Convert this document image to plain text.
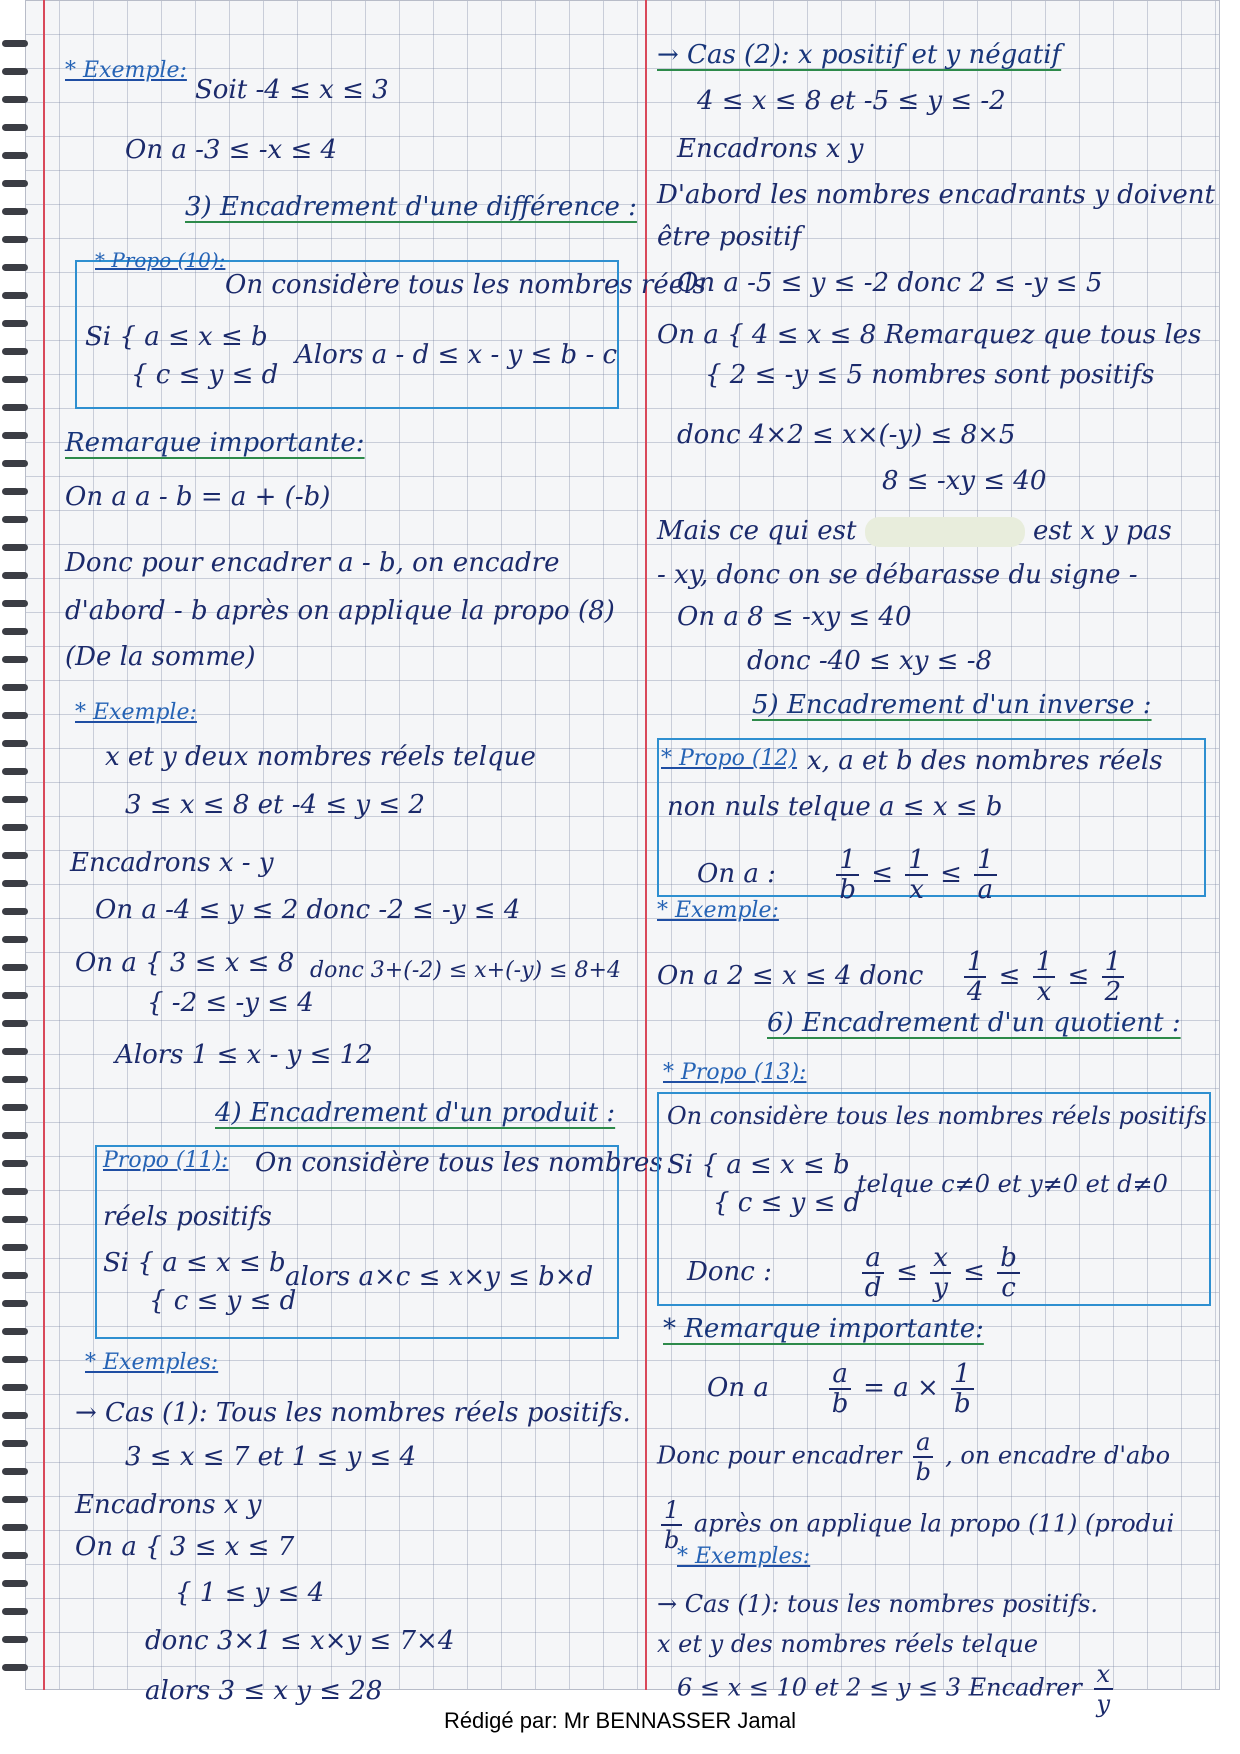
* Exemple:
Soit -4 ≤ x ≤ 3
On a -3 ≤ -x ≤ 4
3) Encadrement d'une différence :
* Propo (10):
On considère tous les nombres réels
Si { a ≤ x ≤ b
{ c ≤ y ≤ d
Alors a - d ≤ x - y ≤ b - c
Remarque importante:
On a a - b = a + (-b)
Donc pour encadrer a - b, on encadre
d'abord - b après on applique la propo (8)
(De la somme)
* Exemple:
x et y deux nombres réels telque
3 ≤ x ≤ 8 et -4 ≤ y ≤ 2
Encadrons x - y
On a -4 ≤ y ≤ 2 donc -2 ≤ -y ≤ 4
On a { 3 ≤ x ≤ 8 donc 3+(-2) ≤ x+(-y) ≤ 8+4
{ -2 ≤ -y ≤ 4
Alors 1 ≤ x - y ≤ 12
4) Encadrement d'un produit :
Propo (11): On considère tous les nombres
réels positifs
Si { a ≤ x ≤ b
{ c ≤ y ≤ d
alors a×c ≤ x×y ≤ b×d
* Exemples:
→ Cas (1): Tous les nombres réels positifs.
3 ≤ x ≤ 7 et 1 ≤ y ≤ 4
Encadrons x y
On a { 3 ≤ x ≤ 7
{ 1 ≤ y ≤ 4
donc 3×1 ≤ x×y ≤ 7×4
alors 3 ≤ x y ≤ 28
→ Cas (2): x positif et y négatif
4 ≤ x ≤ 8 et -5 ≤ y ≤ -2
Encadrons x y
D'abord les nombres encadrants y doivent
être positif
On a -5 ≤ y ≤ -2 donc 2 ≤ -y ≤ 5
On a { 4 ≤ x ≤ 8 Remarquez que tous les
{ 2 ≤ -y ≤ 5 nombres sont positifs
donc 4×2 ≤ x×(-y) ≤ 8×5
8 ≤ -xy ≤ 40
Mais ce qui est	est x y pas
- xy, donc on se débarasse du signe -
On a 8 ≤ -xy ≤ 40
donc -40 ≤ xy ≤ -8
5) Encadrement d'un inverse :
* Propo (12) x, a et b des nombres réels
non nuls telque a ≤ x ≤ b
On a : $\frac{1}{b} \le \frac{1}{x} \le \frac{1}{a}$
* Exemple:
On a 2 ≤ x ≤ 4 donc $\frac{1}{4} \le \frac{1}{x} \le \frac{1}{2}$
6) Encadrement d'un quotient :
* Propo (13):
On considère tous les nombres réels positifs
Si { a ≤ x ≤ b
{ c ≤ y ≤ d
telque c≠0 et y≠0 et d≠0
Donc :	$\frac{a}{d} \le \frac{x}{y} \le \frac{b}{c}$
* Remarque importante:
On a $\frac{a}{b} = a \times \frac{1}{b}$
Donc pour encadrer $\frac{a}{b}$ , on encadre d'abo
$\frac{1}{b}$ après on applique la propo (11) (produi
* Exemples:
→ Cas (1): tous les nombres positifs.
x et y des nombres réels telque
6 ≤ x ≤ 10 et 2 ≤ y ≤ 3 Encadrer $\frac{x}{y}$
Rédigé par: Mr BENNASSER Jamal
